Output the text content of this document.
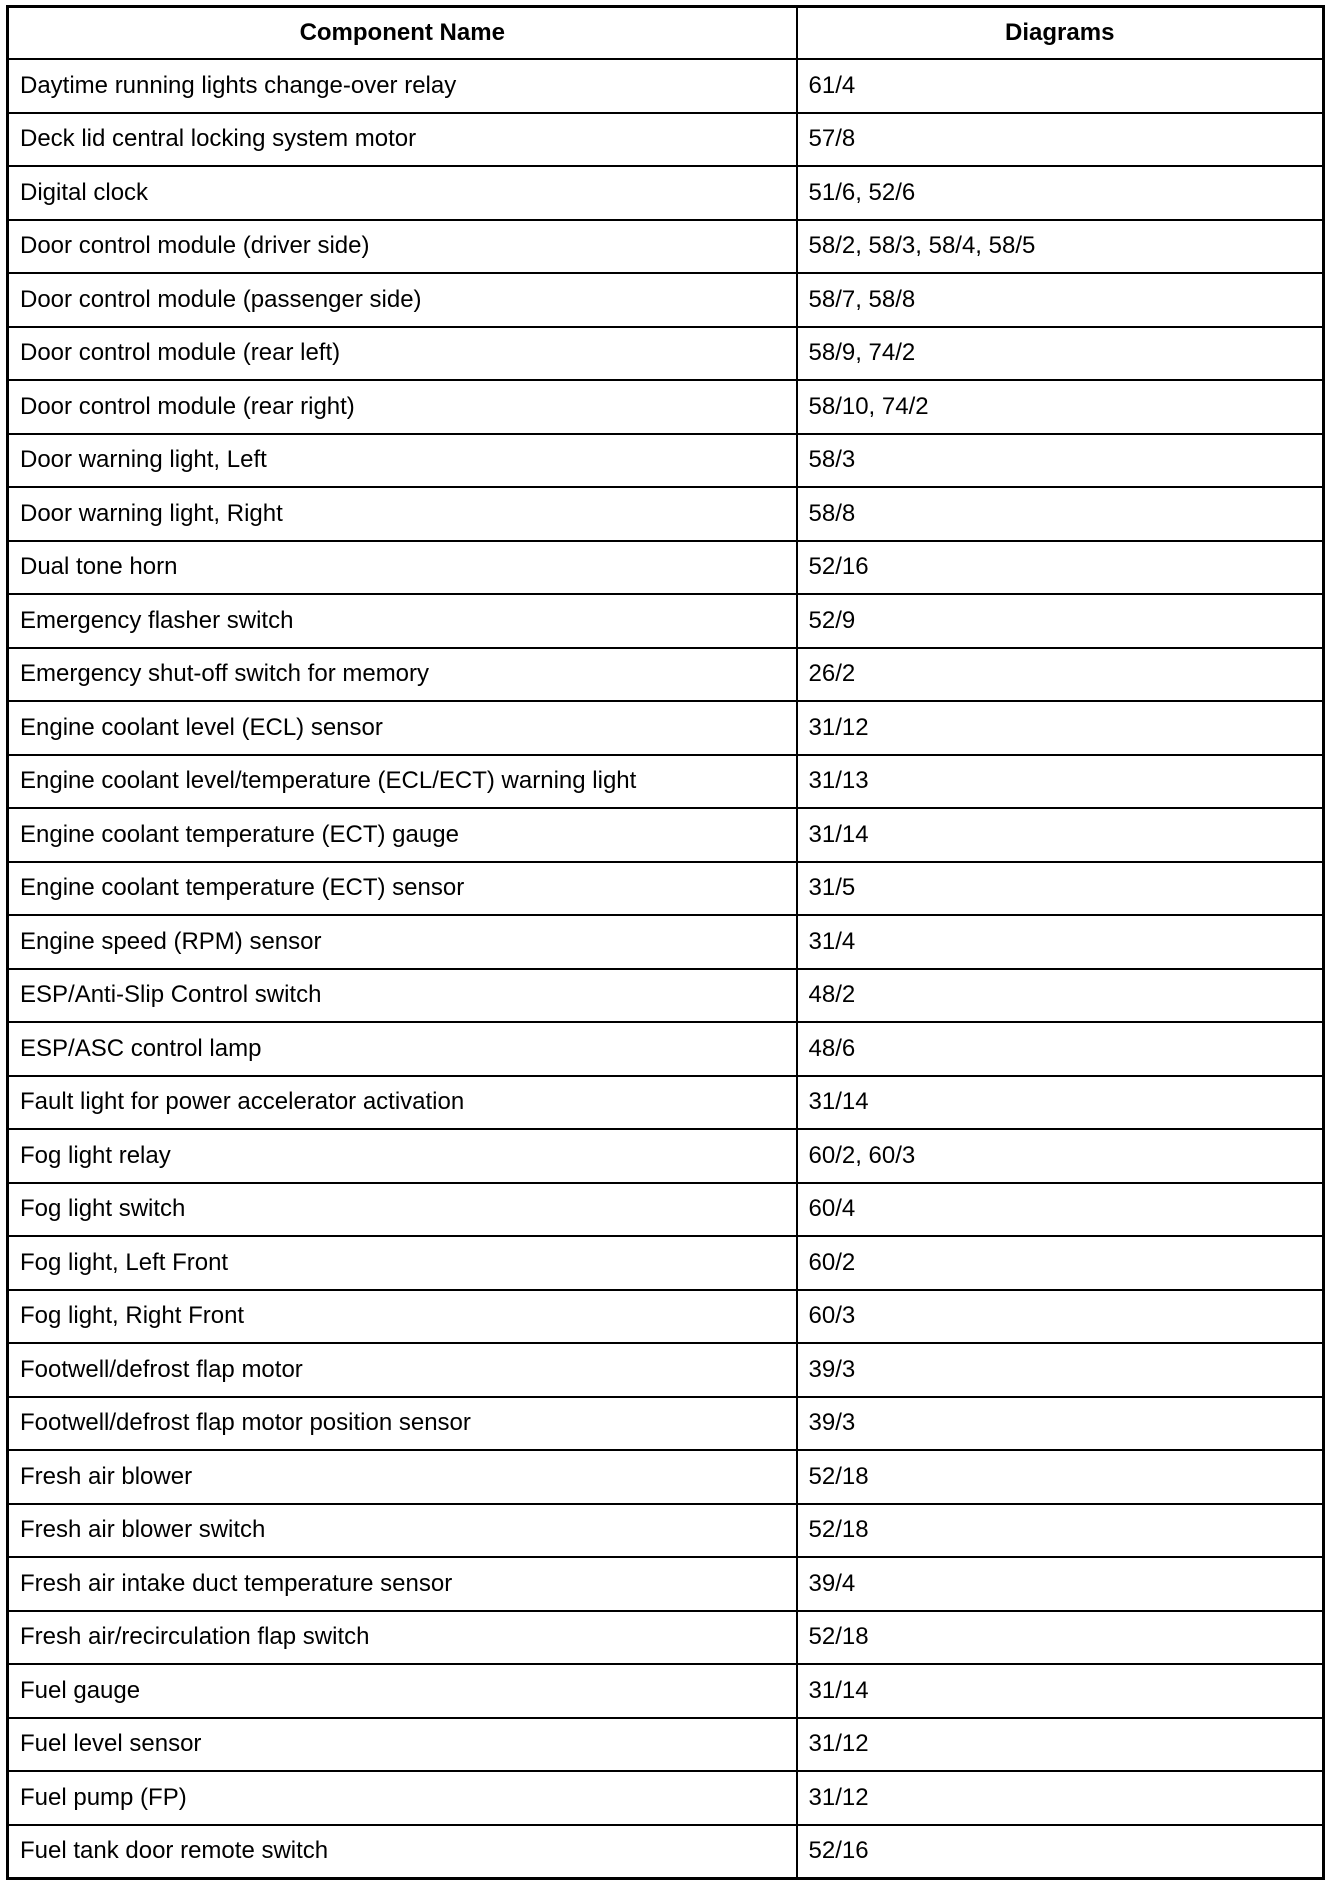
Component Name	Diagrams
Daytime running lights change-over relay	61/4
Deck lid central locking system motor	57/8
Digital clock	51/6, 52/6
Door control module (driver side)	58/2, 58/3, 58/4, 58/5
Door control module (passenger side)	58/7, 58/8
Door control module (rear left)	58/9, 74/2
Door control module (rear right)	58/10, 74/2
Door warning light, Left	58/3
Door warning light, Right	58/8
Dual tone horn	52/16
Emergency flasher switch	52/9
Emergency shut-off switch for memory	26/2
Engine coolant level (ECL) sensor	31/12
Engine coolant level/temperature (ECL/ECT) warning light	31/13
Engine coolant temperature (ECT) gauge	31/14
Engine coolant temperature (ECT) sensor	31/5
Engine speed (RPM) sensor	31/4
ESP/Anti-Slip Control switch	48/2
ESP/ASC control lamp	48/6
Fault light for power accelerator activation	31/14
Fog light relay	60/2, 60/3
Fog light switch	60/4
Fog light, Left Front	60/2
Fog light, Right Front	60/3
Footwell/defrost flap motor	39/3
Footwell/defrost flap motor position sensor	39/3
Fresh air blower	52/18
Fresh air blower switch	52/18
Fresh air intake duct temperature sensor	39/4
Fresh air/recirculation flap switch	52/18
Fuel gauge	31/14
Fuel level sensor	31/12
Fuel pump (FP)	31/12
Fuel tank door remote switch	52/16
